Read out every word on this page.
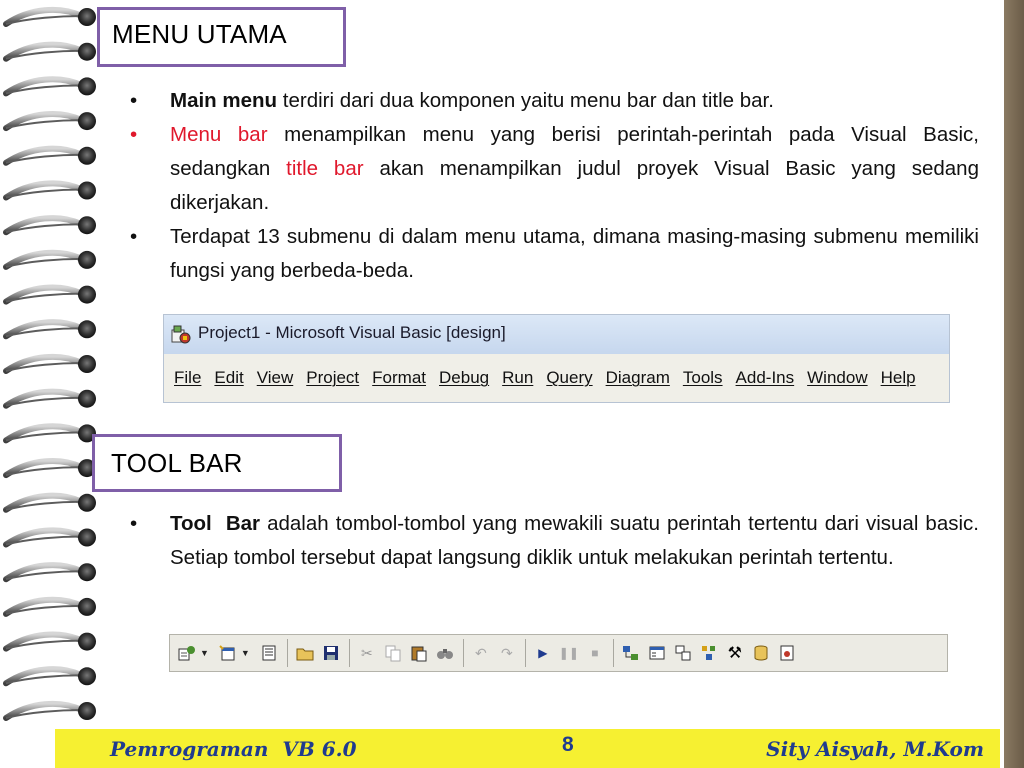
MENU UTAMA
• Main menu terdiri dari dua komponen yaitu menu bar dan title bar.
• Menu bar menampilkan menu yang berisi perintah-perintah pada Visual Basic, sedangkan title bar akan menampilkan judul proyek Visual Basic yang sedang dikerjakan.
• Terdapat 13 submenu di dalam menu utama, dimana masing-masing submenu memiliki fungsi yang berbeda-beda.
Project1 - Microsoft Visual Basic [design]
File Edit View Project Format Debug Run Query Diagram Tools Add-Ins Window Help
TOOL BAR
• Tool  Bar adalah tombol-tombol yang mewakili suatu perintah tertentu dari visual basic. Setiap tombol tersebut dapat langsung diklik untuk melakukan perintah tertentu.
▼	▼	✂	↶	↷	▶ ❚❚	■	⚒
Pemrograman  VB 6.0	8	Sity Aisyah, M.Kom
